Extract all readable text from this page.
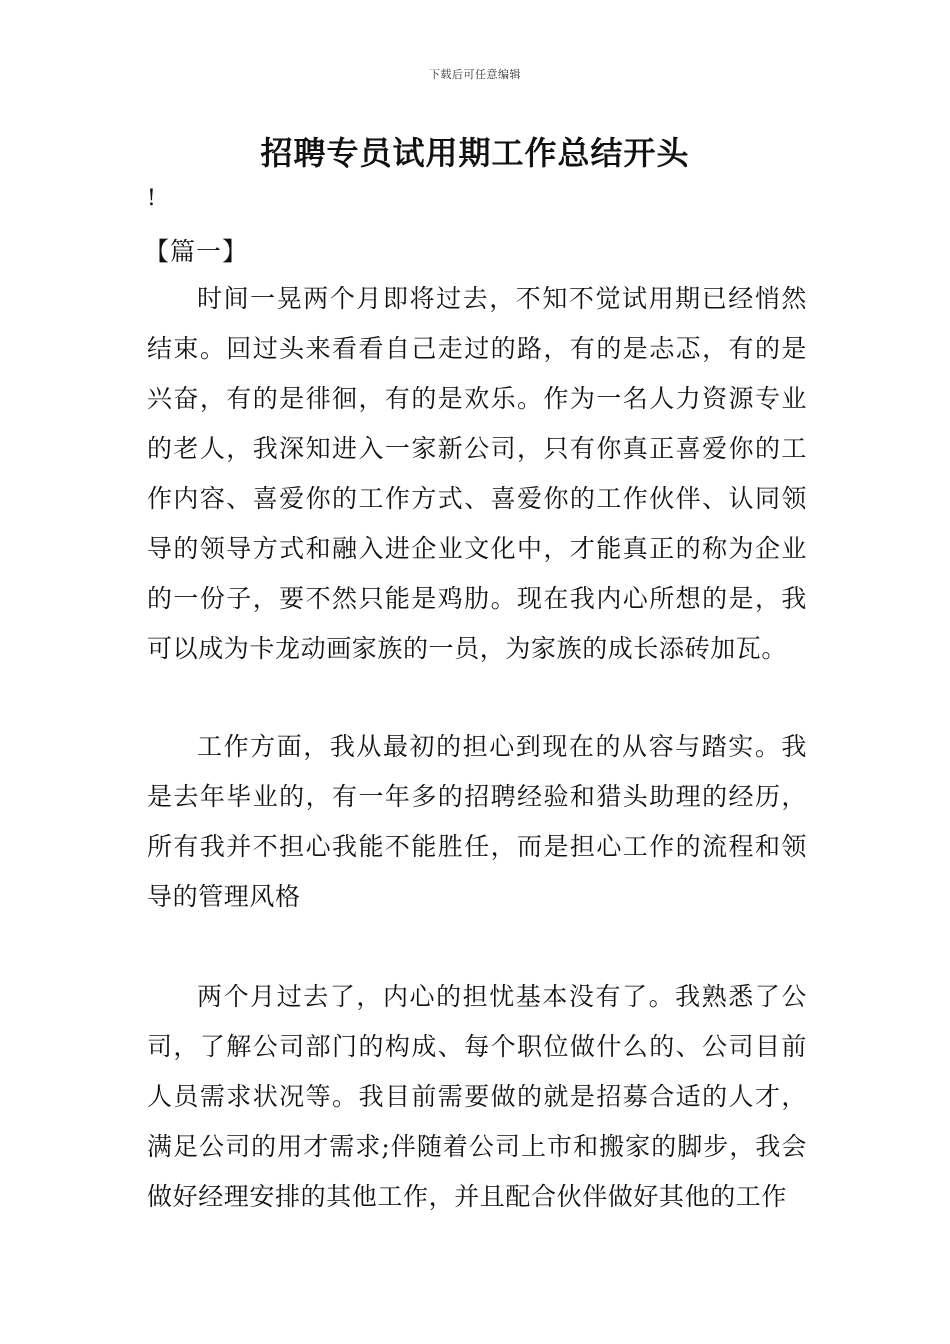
下载后可任意编辑
招聘专员试用期工作总结开头
!
【篇一】

时间一晃两个月即将过去，不知不觉试用期已经悄然结束。回过头来看看自己走过的路，有的是忐忑，有的是兴奋，有的是徘徊，有的是欢乐。作为一名人力资源专业的老人，我深知进入一家新公司，只有你真正喜爱你的工作内容、喜爱你的工作方式、喜爱你的工作伙伴、认同领导的领导方式和融入进企业文化中，才能真正的称为企业的一份子，要不然只能是鸡肋。现在我内心所想的是，我可以成为卡龙动画家族的一员，为家族的成长添砖加瓦。

工作方面，我从最初的担心到现在的从容与踏实。我是去年毕业的，有一年多的招聘经验和猎头助理的经历，所有我并不担心我能不能胜任，而是担心工作的流程和领导的管理风格

两个月过去了，内心的担忧基本没有了。我熟悉了公司，了解公司部门的构成、每个职位做什么的、公司目前人员需求状况等。我目前需要做的就是招募合适的人才，满足公司的用才需求;伴随着公司上市和搬家的脚步，我会做好经理安排的其他工作，并且配合伙伴做好其他的工作
